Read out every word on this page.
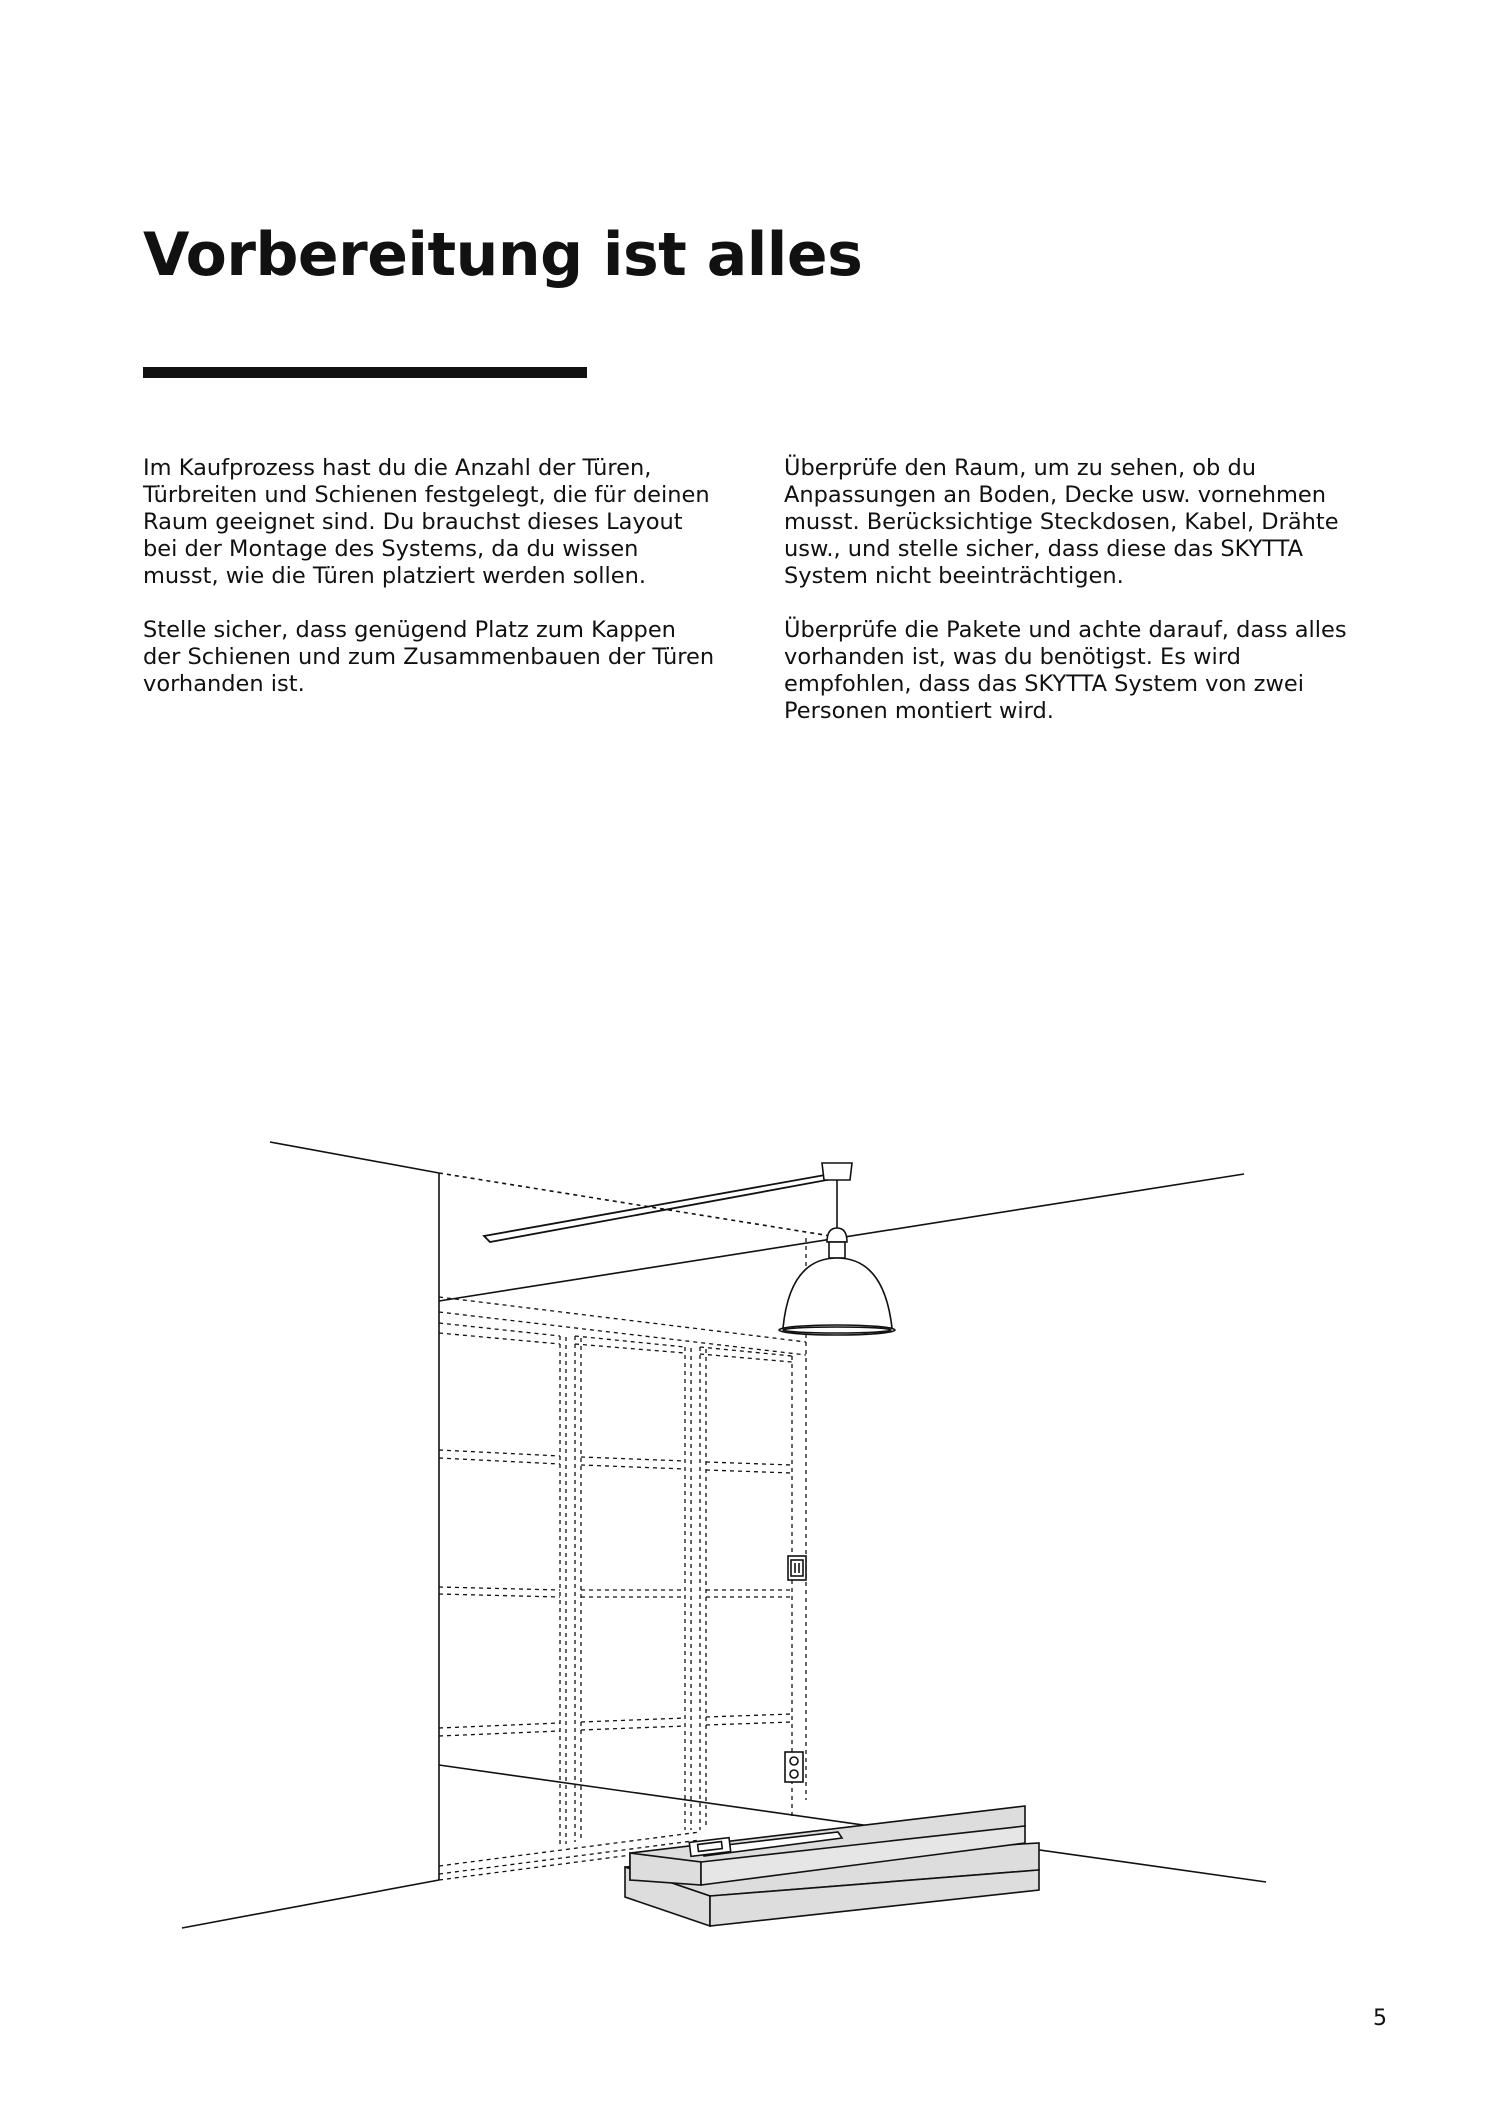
Vorbereitung ist alles

Im Kaufprozess hast du die Anzahl der Türen, Türbreiten und Schienen festgelegt, die für deinen Raum geeignet sind. Du brauchst dieses Layout bei der Montage des Systems, da du wissen musst, wie die Türen platziert werden sollen.

Stelle sicher, dass genügend Platz zum Kappen der Schienen und zum Zusammenbauen der Türen vorhanden ist.

Überprüfe den Raum, um zu sehen, ob du Anpassungen an Boden, Decke usw. vornehmen musst. Berücksichtige Steckdosen, Kabel, Drähte usw., und stelle sicher, dass diese das SKYTTA System nicht beeinträchtigen.

Überprüfe die Pakete und achte darauf, dass alles vorhanden ist, was du benötigst. Es wird empfohlen, dass das SKYTTA System von zwei Personen montiert wird.

5
